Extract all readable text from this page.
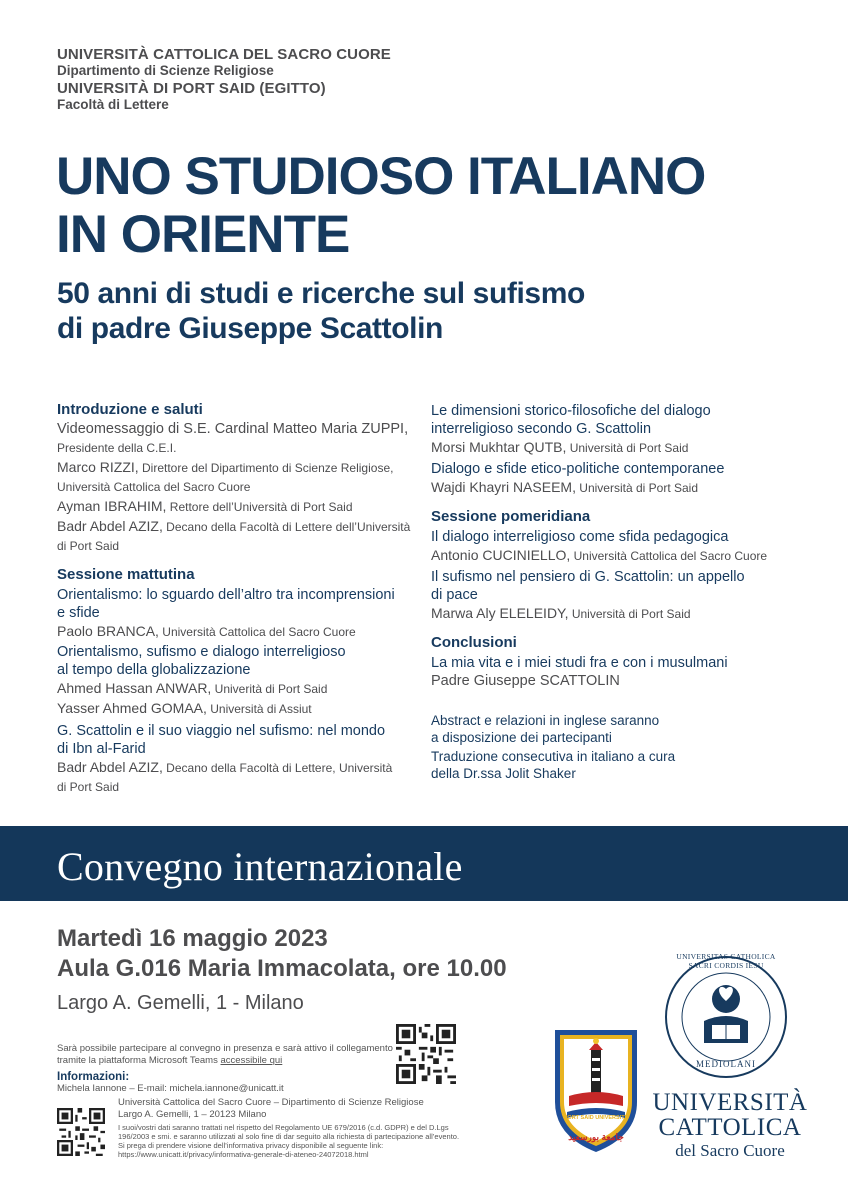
UNIVERSITÀ CATTOLICA DEL SACRO CUORE
Dipartimento di Scienze Religiose
UNIVERSITÀ DI PORT SAID (EGITTO)
Facoltà di Lettere
UNO STUDIOSO ITALIANO
IN ORIENTE
50 anni di studi e ricerche sul sufismo
di padre Giuseppe Scattolin
Introduzione e saluti
Videomessaggio di S.E. Cardinal Matteo Maria ZUPPI,
Presidente della C.E.I.
Marco RIZZI, Direttore del Dipartimento di Scienze Religiose,
Università Cattolica del Sacro Cuore
Ayman IBRAHIM, Rettore dell’Università di Port Said
Badr Abdel AZIZ, Decano della Facoltà di Lettere dell’Università
di Port Said
Sessione mattutina
Orientalismo: lo sguardo dell’altro tra incomprensioni
e sfide
Paolo BRANCA, Università Cattolica del Sacro Cuore
Orientalismo, sufismo e dialogo interreligioso
al tempo della globalizzazione
Ahmed Hassan ANWAR, Univerità di Port Said
Yasser Ahmed GOMAA, Università di Assiut
G. Scattolin e il suo viaggio nel sufismo: nel mondo
di Ibn al-Farid
Badr Abdel AZIZ, Decano della Facoltà di Lettere, Università
di Port Said
Le dimensioni storico-filosofiche del dialogo
interreligioso secondo G. Scattolin
Morsi Mukhtar QUTB, Università di Port Said
Dialogo e sfide etico-politiche contemporanee
Wajdi Khayri NASEEM, Università di Port Said
Sessione pomeridiana
Il dialogo interreligioso come sfida pedagogica
Antonio CUCINIELLO, Università Cattolica del Sacro Cuore
Il sufismo nel pensiero di G. Scattolin: un appello
di pace
Marwa Aly ELELEIDY, Università di Port Said
Conclusioni
La mia vita e i miei studi fra e con i musulmani
Padre Giuseppe SCATTOLIN
Abstract e relazioni in inglese saranno
a disposizione dei partecipanti
Traduzione consecutiva in italiano a cura
della Dr.ssa Jolit Shaker
Convegno internazionale
Martedì 16 maggio 2023
Aula G.016 Maria Immacolata, ore 10.00
Largo A. Gemelli, 1 - Milano
Sarà possibile partecipare al convegno in presenza e sarà attivo il collegamento
tramite la piattaforma Microsoft Teams accessibile qui
Informazioni:
Michela Iannone – E-mail: michela.iannone@unicatt.it
Università Cattolica del Sacro Cuore – Dipartimento di Scienze Religiose
Largo A. Gemelli, 1 – 20123 Milano
I suoi/vostri dati saranno trattati nel rispetto del Regolamento UE 679/2016 (c.d. GDPR) e del D.Lgs
196/2003 e smi. e saranno utilizzati al solo fine di dar seguito alla richiesta di partecipazione all’evento.
Si prega di prendere visione dell’informativa privacy disponibile al seguente link:
https://www.unicatt.it/privacy/informativa-generale-di-ateneo-24072018.html
PORT SAID UNIVERSITY
جامعة بورسعيد
UNIVERSITAS CATHOLICA SACRI CORDIS IESU
MEDIOLANI
UNIVERSITÀ
CATTOLICA
del Sacro Cuore
